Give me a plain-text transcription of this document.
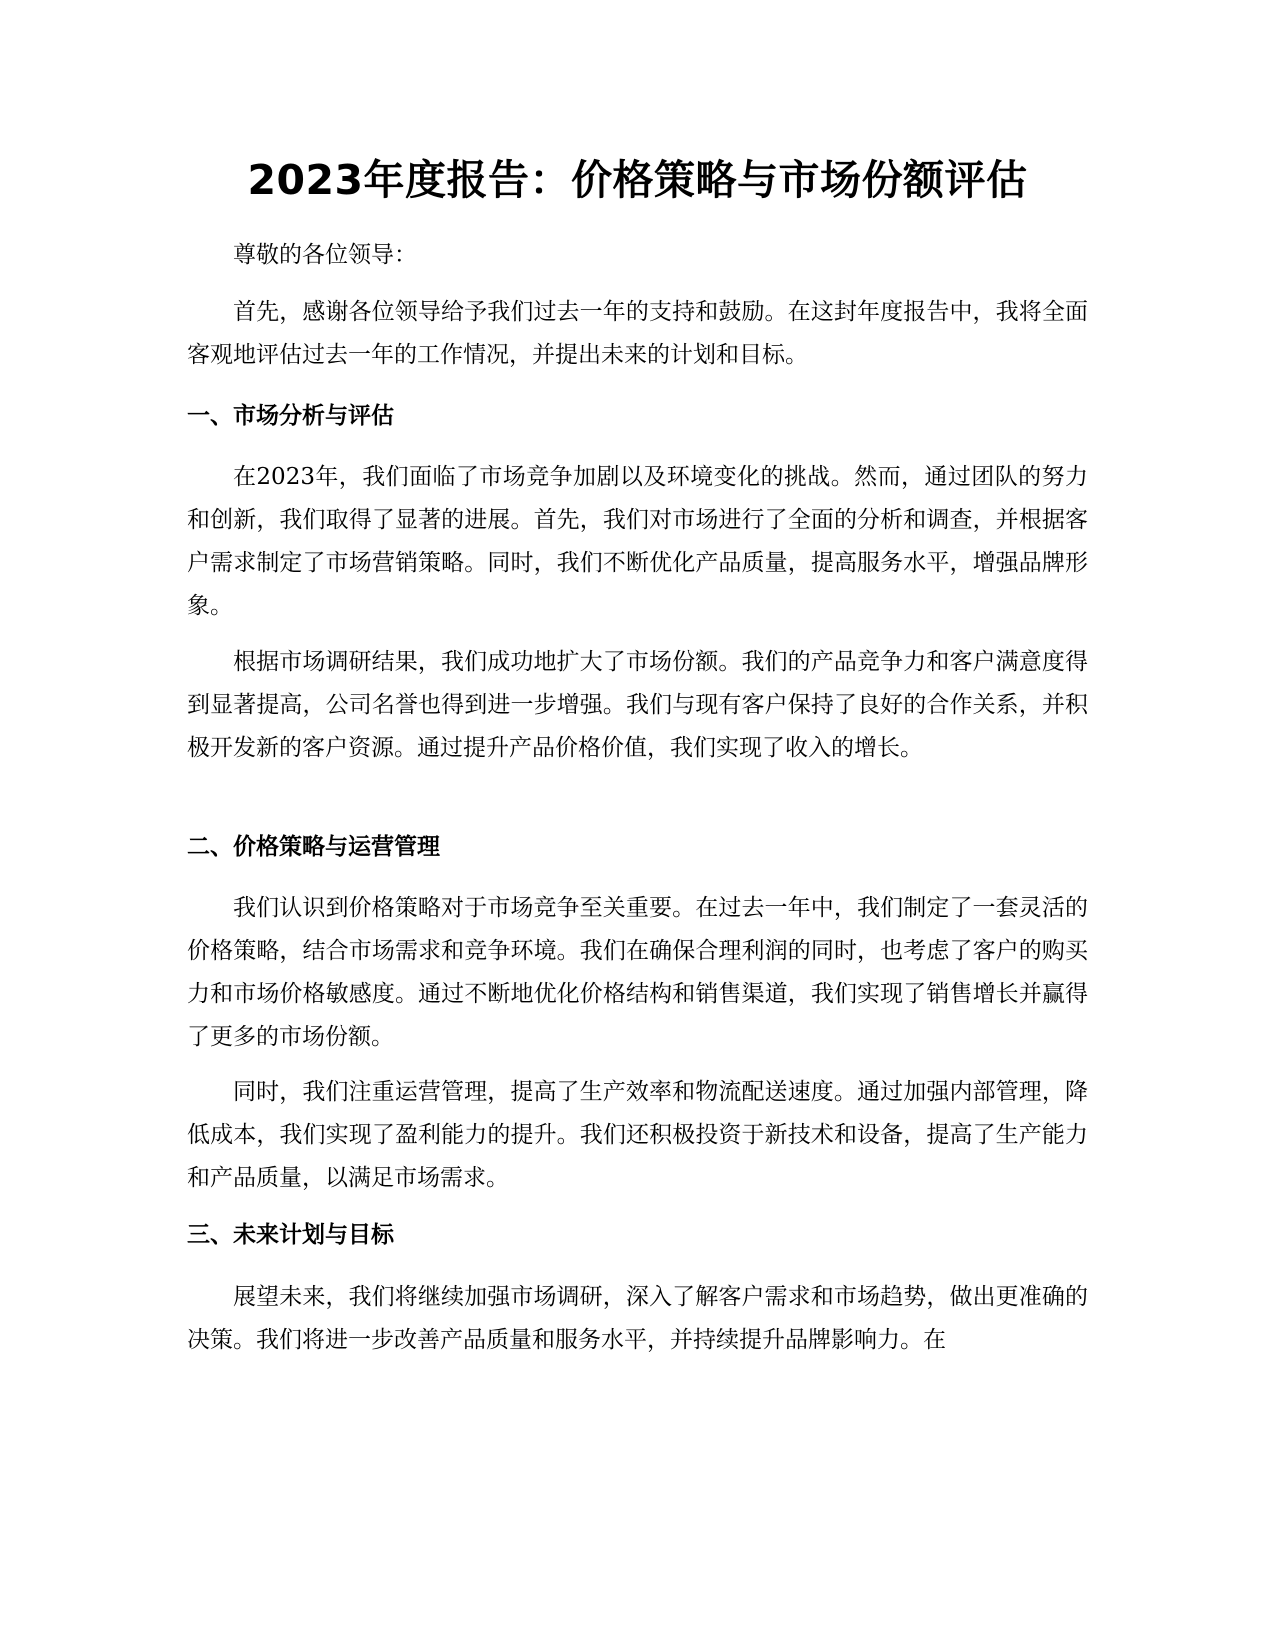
2023年度报告：价格策略与市场份额评估

尊敬的各位领导：

首先，感谢各位领导给予我们过去一年的支持和鼓励。在这封年度报告中，我将全面客观地评估过去一年的工作情况，并提出未来的计划和目标。

一、市场分析与评估

在2023年，我们面临了市场竞争加剧以及环境变化的挑战。然而，通过团队的努力和创新，我们取得了显著的进展。首先，我们对市场进行了全面的分析和调查，并根据客户需求制定了市场营销策略。同时，我们不断优化产品质量，提高服务水平，增强品牌形象。

根据市场调研结果，我们成功地扩大了市场份额。我们的产品竞争力和客户满意度得到显著提高，公司名誉也得到进一步增强。我们与现有客户保持了良好的合作关系，并积极开发新的客户资源。通过提升产品价格价值，我们实现了收入的增长。

二、价格策略与运营管理

我们认识到价格策略对于市场竞争至关重要。在过去一年中，我们制定了一套灵活的价格策略，结合市场需求和竞争环境。我们在确保合理利润的同时，也考虑了客户的购买力和市场价格敏感度。通过不断地优化价格结构和销售渠道，我们实现了销售增长并赢得了更多的市场份额。

同时，我们注重运营管理，提高了生产效率和物流配送速度。通过加强内部管理，降低成本，我们实现了盈利能力的提升。我们还积极投资于新技术和设备，提高了生产能力和产品质量，以满足市场需求。

三、未来计划与目标

展望未来，我们将继续加强市场调研，深入了解客户需求和市场趋势，做出更准确的决策。我们将进一步改善产品质量和服务水平，并持续提升品牌影响力。在
